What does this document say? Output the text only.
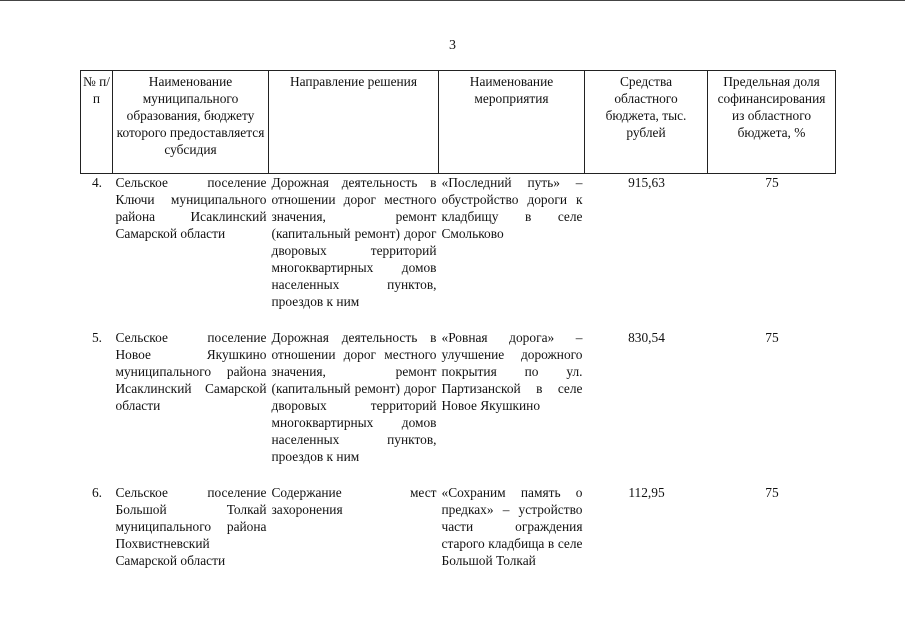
3
№ п/п	Наименование муниципального образования, бюджету которого предоставляется субсидия	Направление решения	Наименование мероприятия	Средства областного бюджета, тыс. рублей	Предельная доля софинансирования из областного бюджета, %
4.	Сельское поселение Ключи муниципального района Исаклинский Самарской области	Дорожная деятельность в отношении дорог местного значения, ремонт (капитальный ремонт) дорог дворовых территорий многоквартирных домов населенных пунктов, проездов к ним	«Последний путь» – обустройство дороги к кладбищу в селе Смольково	915,63	75
5.	Сельское поселение Новое Якушкино муниципального района Исаклинский Самарской области	Дорожная деятельность в отношении дорог местного значения, ремонт (капитальный ремонт) дорог дворовых территорий многоквартирных домов населенных пунктов, проездов к ним	«Ровная дорога» – улучшение дорожного покрытия по ул. Партизанской в селе Новое Якушкино	830,54	75
6.	Сельское поселение Большой Толкай муниципального района Похвистневский Самарской области	Содержание мест захоронения	«Сохраним память о предках» – устройство части ограждения старого кладбища в селе Большой Толкай	112,95	75
